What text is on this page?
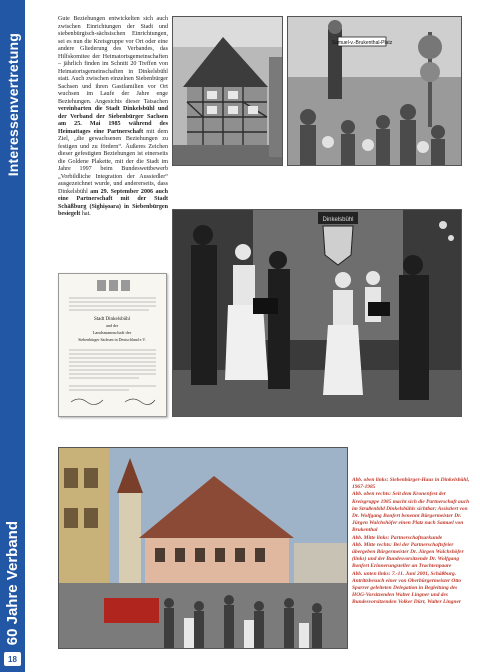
Interessenvertretung
60 Jahre Verband
18
Gute Beziehungen entwickelten sich auch zwischen Einrichtungen der Stadt und siebenbürgisch-sächsischen Einrichtungen, sei es nun die Kreisgruppe vor Ort oder eine andere Gliederung des Verbandes, das Hilfskomitee der Heimatortsgemeinschaften – jährlich finden im Schnitt 20 Treffen von Heimatortsgemeinschaften in Dinkelsbühl statt. Auch zwischen einzelnen Siebenbürger Sachsen und ihren Gastfamilien vor Ort wuchsen im Laufe der Jahre enge Beziehungen. Angesichts dieser Tatsachen vereinbarten die Stadt Dinkelsbühl und der Verband der Siebenbürger Sachsen am 25. Mai 1985 während des Heimattages eine Partnerschaft mit dem Ziel, „die gewachsenen Beziehungen zu festigen und zu fördern“. Äußeres Zeichen dieser gefestigten Beziehungen ist einerseits die Goldene Plakette, mit der die Stadt im Jahre 1997 beim Bundeswettbewerb „Vorbildliche Integration der Aussiedler“ ausgezeichnet wurde, und andererseits, dass Dinkelsbühl am 29. September 2006 auch eine Partnerschaft mit der Stadt Schäßburg (Sighişoara) in Siebenbürgen besiegelt hat.
Samuel-v.-Brukenthal-Platz
Dinkelsbühl
Stadt Dinkelsbühl
und der
Landsmannschaft der
Siebenbürger Sachsen in Deutschland e.V.

Abb. oben links: Siebenbürger-Haus in Dinkelsbühl, 1967-1985

Abb. oben rechts: Seit dem Kronenfest der Kreisgruppe 1985 macht sich die Partnerschaft auch im Straßenbild Dinkelsbühls sichtbar: Assistiert von Dr. Wolfgang Bonfert benennt Bürgermeister Dr. Jürgen Walchshöfer einen Platz nach Samuel von Brukenthal

Abb. Mitte links: Partnerschaftsurkunde

Abb. Mitte rechts: Bei der Partnerschaftsfeier übergeben Bürgermeister Dr. Jürgen Walchshöfer (links) und der Bundesvorsitzende Dr. Wolfgang Bonfert Erinnerungsteller an Trachtenpaare

Abb. unten links: 7.-11. Juni 2001, Schäßburg. Antrittsbesuch einer von Oberbürgermeister Otto Sparrer geleiteten Delegation in Begleitung des HOG-Vorsitzenden Walter Lingner und des Bundesvorsitzenden Volker Dürr, Walter Lingner
